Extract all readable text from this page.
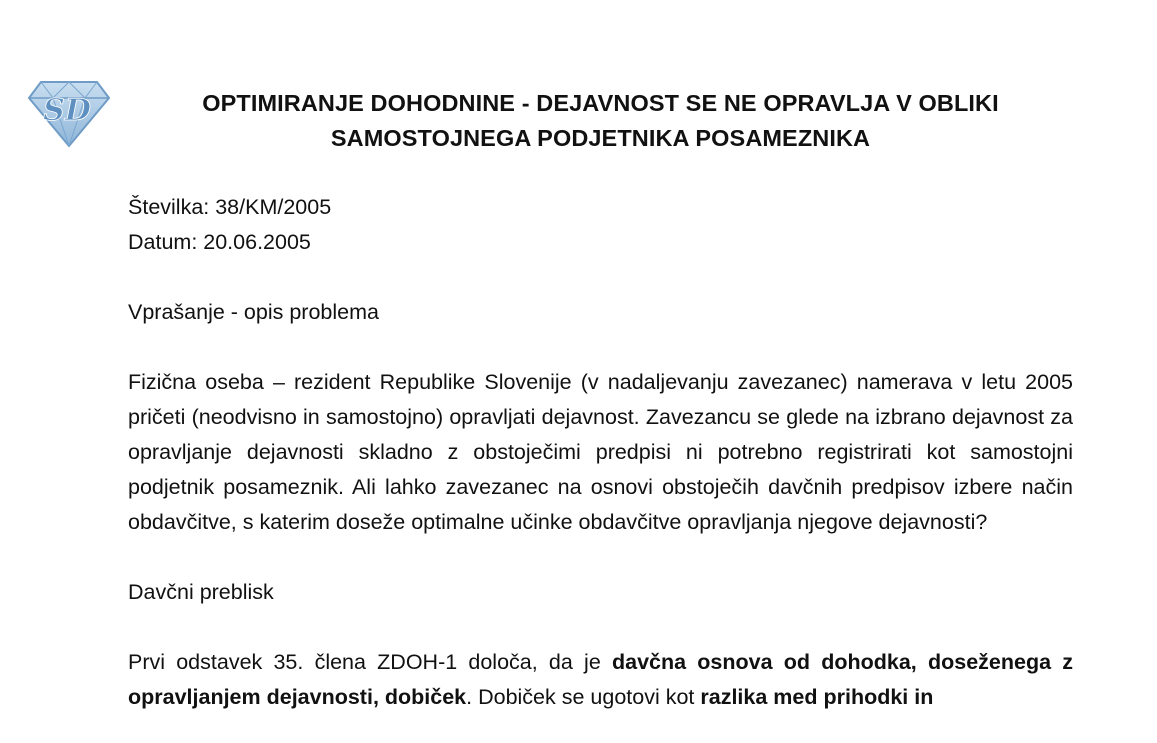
SD	OPTIMIRANJE DOHODNINE - DEJAVNOST SE NE OPRAVLJA V OBLIKI SAMOSTOJNEGA PODJETNIKA POSAMEZNIKA

Številka: 38/KM/2005

Datum: 20.06.2005

Vprašanje - opis problema

Fizična oseba – rezident Republike Slovenije (v nadaljevanju zavezanec) namerava v letu 2005 pričeti (neodvisno in samostojno) opravljati dejavnost. Zavezancu se glede na izbrano dejavnost za opravljanje dejavnosti skladno z obstoječimi predpisi ni potrebno registrirati kot samostojni podjetnik posameznik. Ali lahko zavezanec na osnovi obstoječih davčnih predpisov izbere način obdavčitve, s katerim doseže optimalne učinke obdavčitve opravljanja njegove dejavnosti?

Davčni preblisk

Prvi odstavek 35. člena ZDOH-1 določa, da je davčna osnova od dohodka, doseženega z opravljanjem dejavnosti, dobiček. Dobiček se ugotovi kot razlika med prihodki in
